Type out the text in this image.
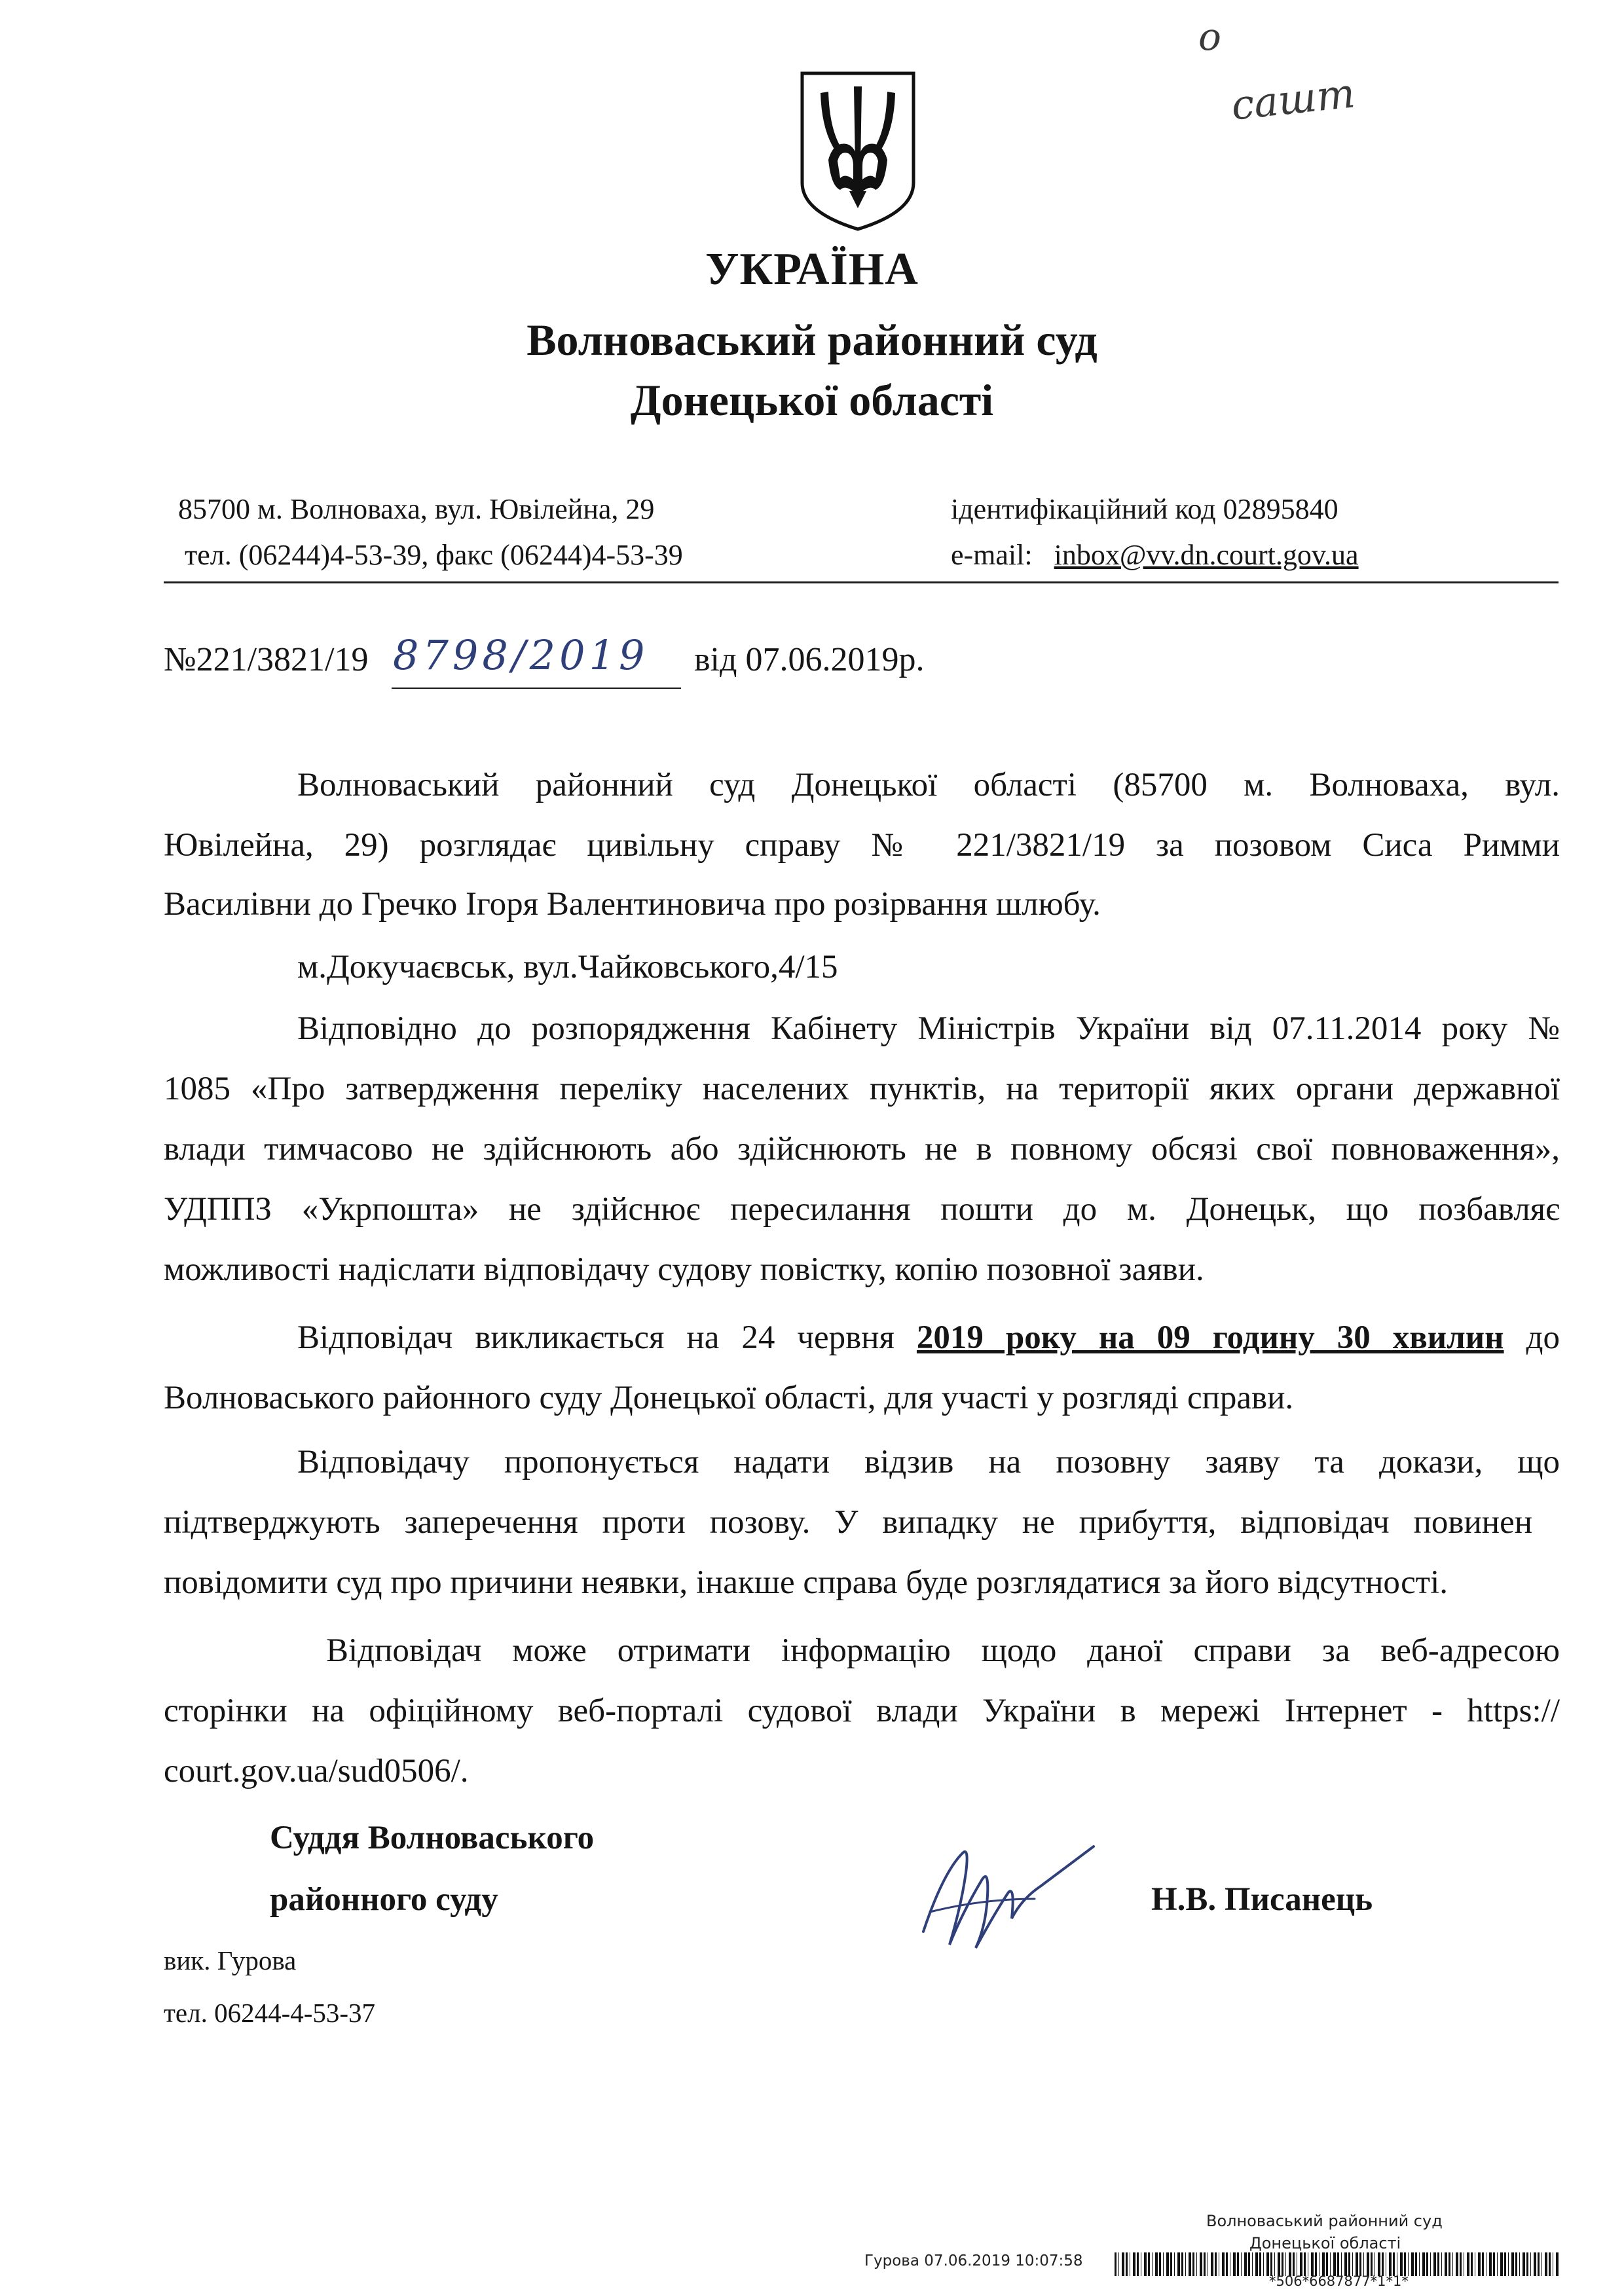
о
сашт
УКРАЇНА
Волноваський районний суд
Донецької області
85700 м. Волноваха, вул. Ювілейна, 29
тел. (06244)4-53-39, факс (06244)4-53-39
ідентифікаційний код 02895840
e-mail: inbox@vv.dn.court.gov.ua
№221/3821/19 8798/2019 від 07.06.2019р.
Волноваський районний суд Донецької області (85700 м. Волноваха, вул.
Ювілейна, 29) розглядає цивільну справу № 221/3821/19 за позовом Сиса Римми
Василівни до Гречко Ігоря Валентиновича про розірвання шлюбу.
м.Докучаєвськ, вул.Чайковського,4/15
Відповідно до розпорядження Кабінету Міністрів України від 07.11.2014 року №
1085 «Про затвердження переліку населених пунктів, на території яких органи державної
влади тимчасово не здійснюють або здійснюють не в повному обсязі свої повноваження»,
УДППЗ «Укрпошта» не здійснює пересилання пошти до м. Донецьк, що позбавляє
можливості надіслати відповідачу судову повістку, копію позовної заяви.
Відповідач викликається на 24 червня 2019 року на 09 годину 30 хвилин до
Волноваського районного суду Донецької області, для участі у розгляді справи.
Відповідачу пропонується надати відзив на позовну заяву та докази, що
підтверджують заперечення проти позову. У випадку не прибуття, відповідач повинен
повідомити суд про причини неявки, інакше справа буде розглядатися за його відсутності.
Відповідач може отримати інформацію щодо даної справи за веб-адресою
сторінки на офіційному веб-порталі судової влади України в мережі Інтернет - https://
court.gov.ua/sud0506/.
Суддя Волноваського
районного суду	Н.В. Писанець
вик. Гурова
тел. 06244-4-53-37
Волноваський районний суд
Донецької області
Гурова 07.06.2019 10:07:58
*506*6687877*1*1*
